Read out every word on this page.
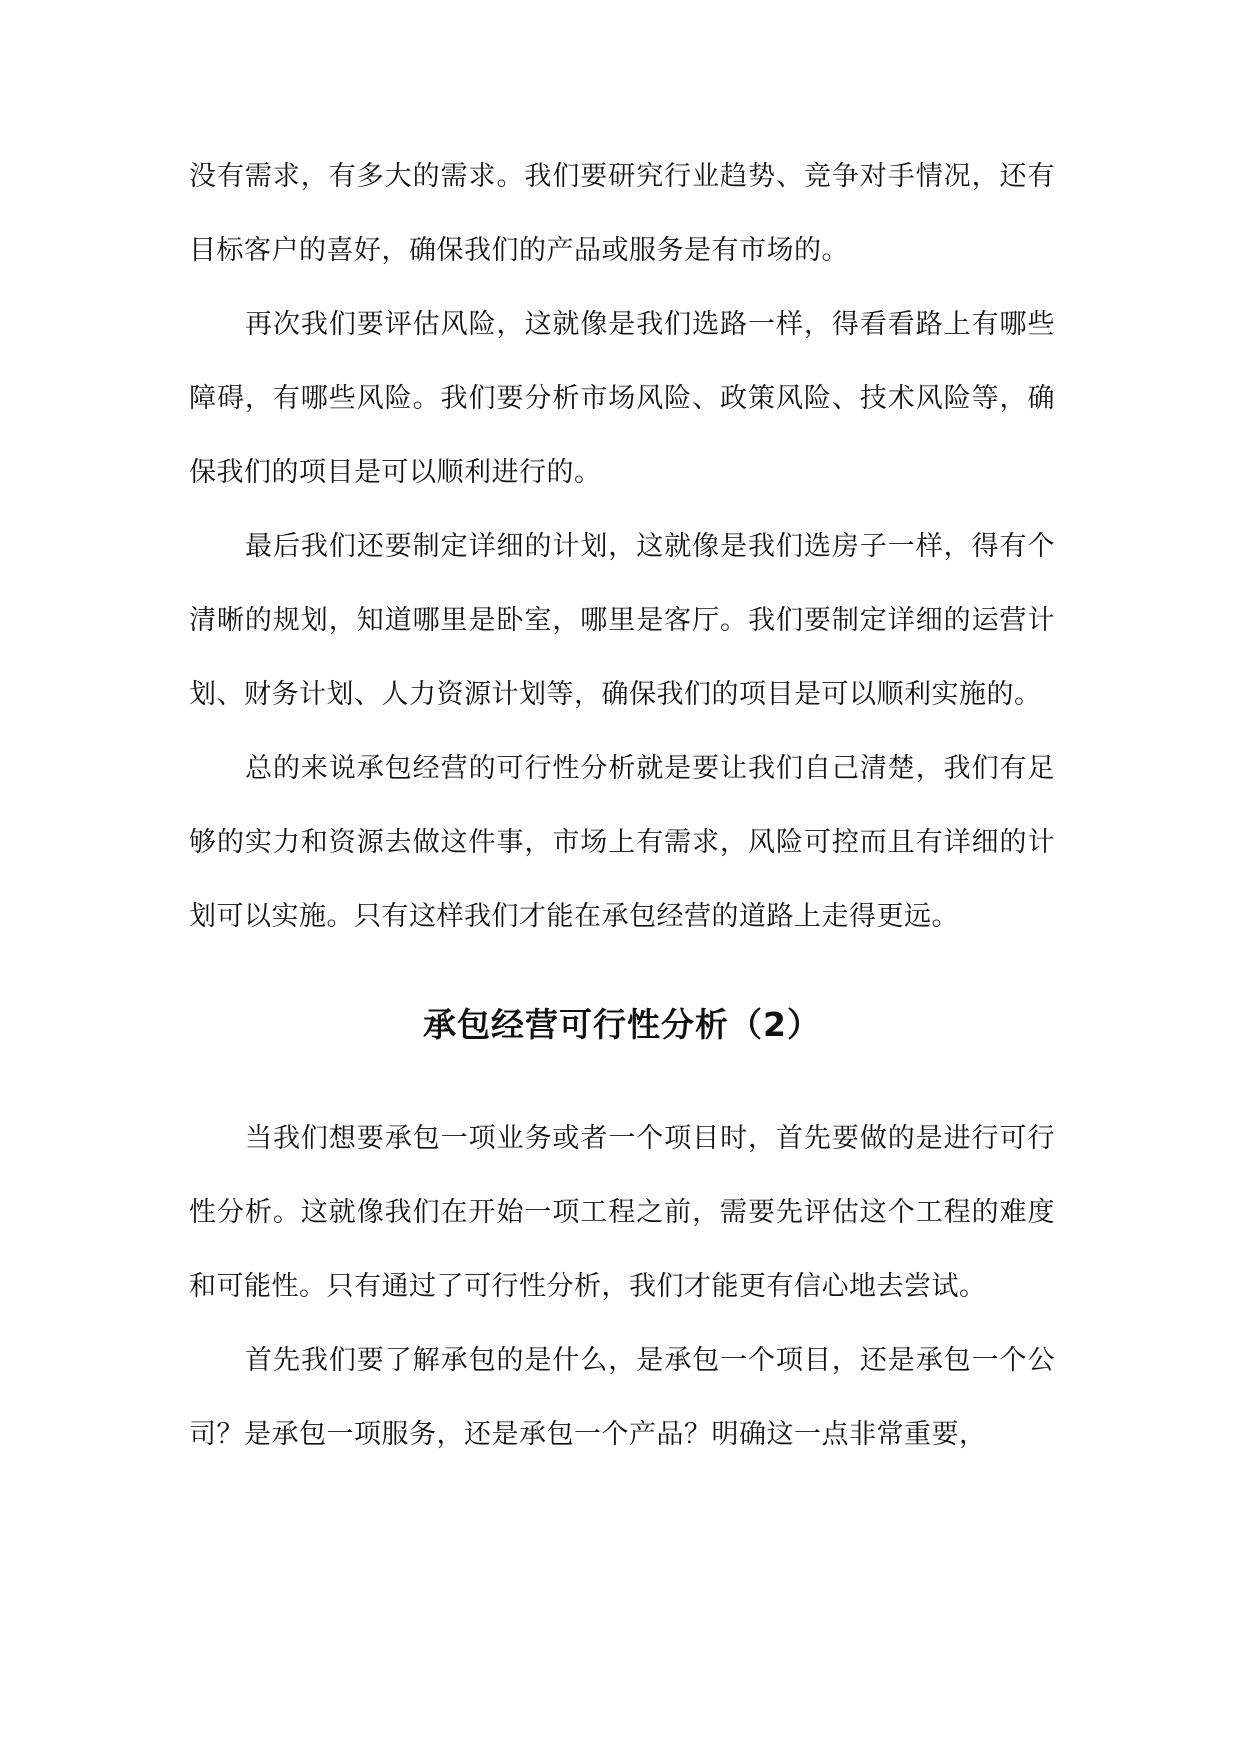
没有需求，有多大的需求。我们要研究行业趋势、竞争对手情况，还有目标客户的喜好，确保我们的产品或服务是有市场的。

再次我们要评估风险，这就像是我们选路一样，得看看路上有哪些障碍，有哪些风险。我们要分析市场风险、政策风险、技术风险等，确保我们的项目是可以顺利进行的。

最后我们还要制定详细的计划，这就像是我们选房子一样，得有个清晰的规划，知道哪里是卧室，哪里是客厅。我们要制定详细的运营计划、财务计划、人力资源计划等，确保我们的项目是可以顺利实施的。

总的来说承包经营的可行性分析就是要让我们自己清楚，我们有足够的实力和资源去做这件事，市场上有需求，风险可控而且有详细的计划可以实施。只有这样我们才能在承包经营的道路上走得更远。

承包经营可行性分析（2）

当我们想要承包一项业务或者一个项目时，首先要做的是进行可行性分析。这就像我们在开始一项工程之前，需要先评估这个工程的难度和可能性。只有通过了可行性分析，我们才能更有信心地去尝试。

首先我们要了解承包的是什么，是承包一个项目，还是承包一个公司？是承包一项服务，还是承包一个产品？明确这一点非常重要，
